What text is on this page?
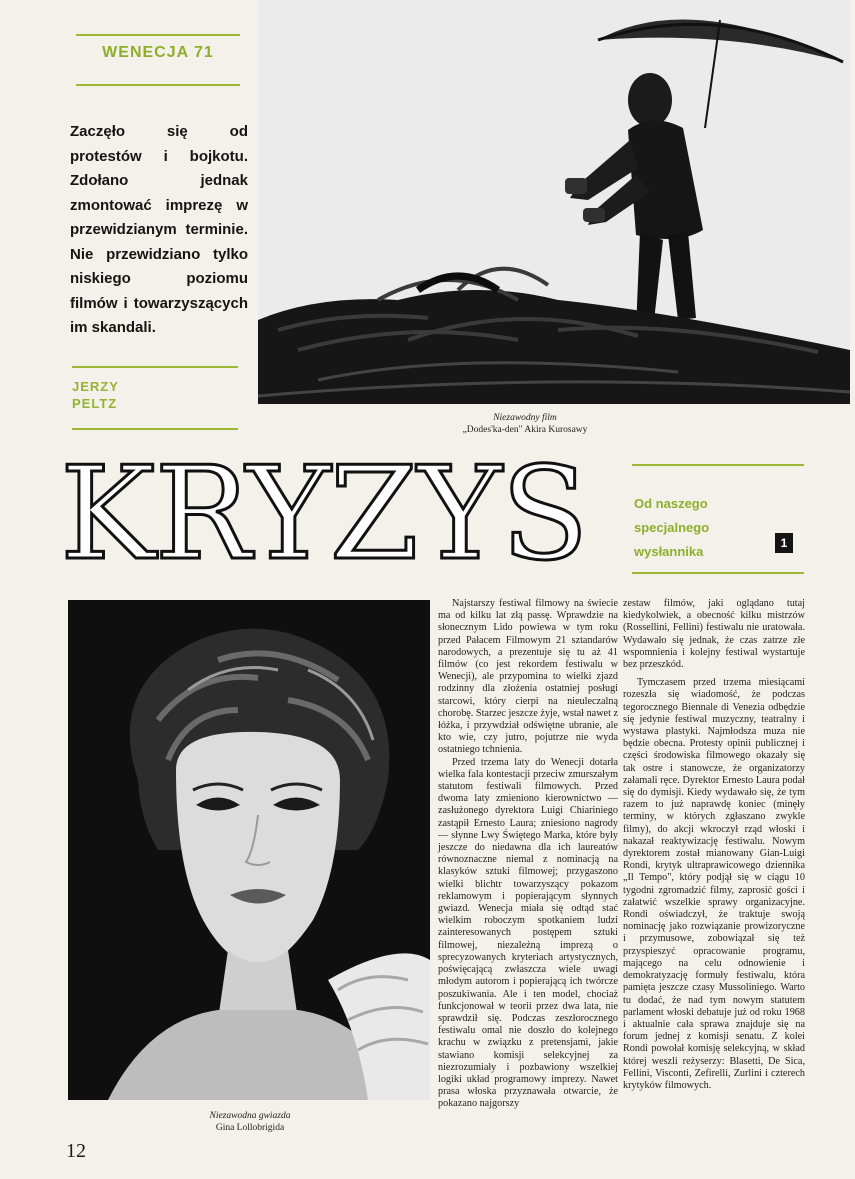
WENECJA 71
Zaczęło się od protestów i bojkotu. Zdołano jednak zmontować imprezę w przewidzianym terminie. Nie przewidziano tylko niskiego poziomu filmów i towarzyszących im skandali.
JERZY
PELTZ
Niezawodny film
„Dodes'ka-den" Akira Kurosawy
KRYZYS	Od naszego
specjalnego
wysłannika
1
Niezawodna gwiazda
Gina Lollobrigida
12

Najstarszy festiwal filmowy na świecie ma od kilku lat złą passę. Wprawdzie na słonecznym Lido powiewa w tym roku przed Pałacem Filmowym 21 sztandarów narodowych, a prezentuje się tu aż 41 filmów (co jest rekordem festiwalu w Wenecji), ale przypomina to wielki zjazd rodzinny dla złożenia ostatniej posługi starcowi, który cierpi na nieuleczalną chorobę. Starzec jeszcze żyje, wstał nawet z łóżka, i przywdział odświętne ubranie, ale kto wie, czy jutro, pojutrze nie wyda ostatniego tchnienia.

Przed trzema laty do Wenecji dotarła wielka fala kontestacji przeciw zmurszałym statutom festiwali filmowych. Przed dwoma laty zmieniono kierownictwo — zasłużonego dyrektora Luigi Chiariniego zastąpił Ernesto Laura; zniesiono nagrody — słynne Lwy Świętego Marka, które były jeszcze do niedawna dla ich laureatów równoznaczne niemal z nominacją na klasyków sztuki filmowej; przygaszono wielki blichtr towarzyszący pokazom reklamowym i popierającym słynnych gwiazd. Wenecja miała się odtąd stać wielkim roboczym spotkaniem ludzi zainteresowanych postępem sztuki filmowej, niezależną imprezą o sprecyzowanych kryteriach artystycznych, poświęcającą zwłaszcza wiele uwagi młodym autorom i popierającą ich twórcze poszukiwania. Ale i ten model, chociaż funkcjonował w teorii przez dwa lata, nie sprawdził się. Podczas zeszłorocznego festiwalu omal nie doszło do kolejnego krachu w związku z pretensjami, jakie stawiano komisji selekcyjnej za niezrozumiały i pozbawiony wszelkiej logiki układ programowy imprezy. Nawet prasa włoska przyznawała otwarcie, że pokazano najgorszy

zestaw filmów, jaki oglądano tutaj kiedykolwiek, a obecność kilku mistrzów (Rossellini, Fellini) festiwalu nie uratowała. Wydawało się jednak, że czas zatrze złe wspomnienia i kolejny festiwal wystartuje bez przeszkód.

Tymczasem przed trzema miesiącami rozeszła się wiadomość, że podczas tegorocznego Biennale di Venezia odbędzie się jedynie festiwal muzyczny, teatralny i wystawa plastyki. Najmłodsza muza nie będzie obecna. Protesty opinii publicznej i części środowiska filmowego okazały się tak ostre i stanowcze, że organizatorzy załamali ręce. Dyrektor Ernesto Laura podał się do dymisji. Kiedy wydawało się, że tym razem to już naprawdę koniec (minęły terminy, w których zgłaszano zwykle filmy), do akcji wkroczył rząd włoski i nakazał reaktywizację festiwalu. Nowym dyrektorem został mianowany Gian-Luigi Rondi, krytyk ultraprawicowego dziennika „Il Tempo", który podjął się w ciągu 10 tygodni zgromadzić filmy, zaprosić gości i załatwić wszelkie sprawy organizacyjne. Rondi oświadczył, że traktuje swoją nominację jako rozwiązanie prowizoryczne i przymusowe, zobowiązał się też przyspieszyć opracowanie programu, mającego na celu odnowienie i demokratyzację formuły festiwalu, która pamięta jeszcze czasy Mussoliniego. Warto tu dodać, że nad tym nowym statutem parlament włoski debatuje już od roku 1968 i aktualnie cała sprawa znajduje się na forum jednej z komisji senatu. Z kolei Rondi powołał komisję selekcyjną, w skład której weszli reżyserzy: Blasetti, De Sica, Fellini, Visconti, Zefirelli, Zurlini i czterech krytyków filmowych.
